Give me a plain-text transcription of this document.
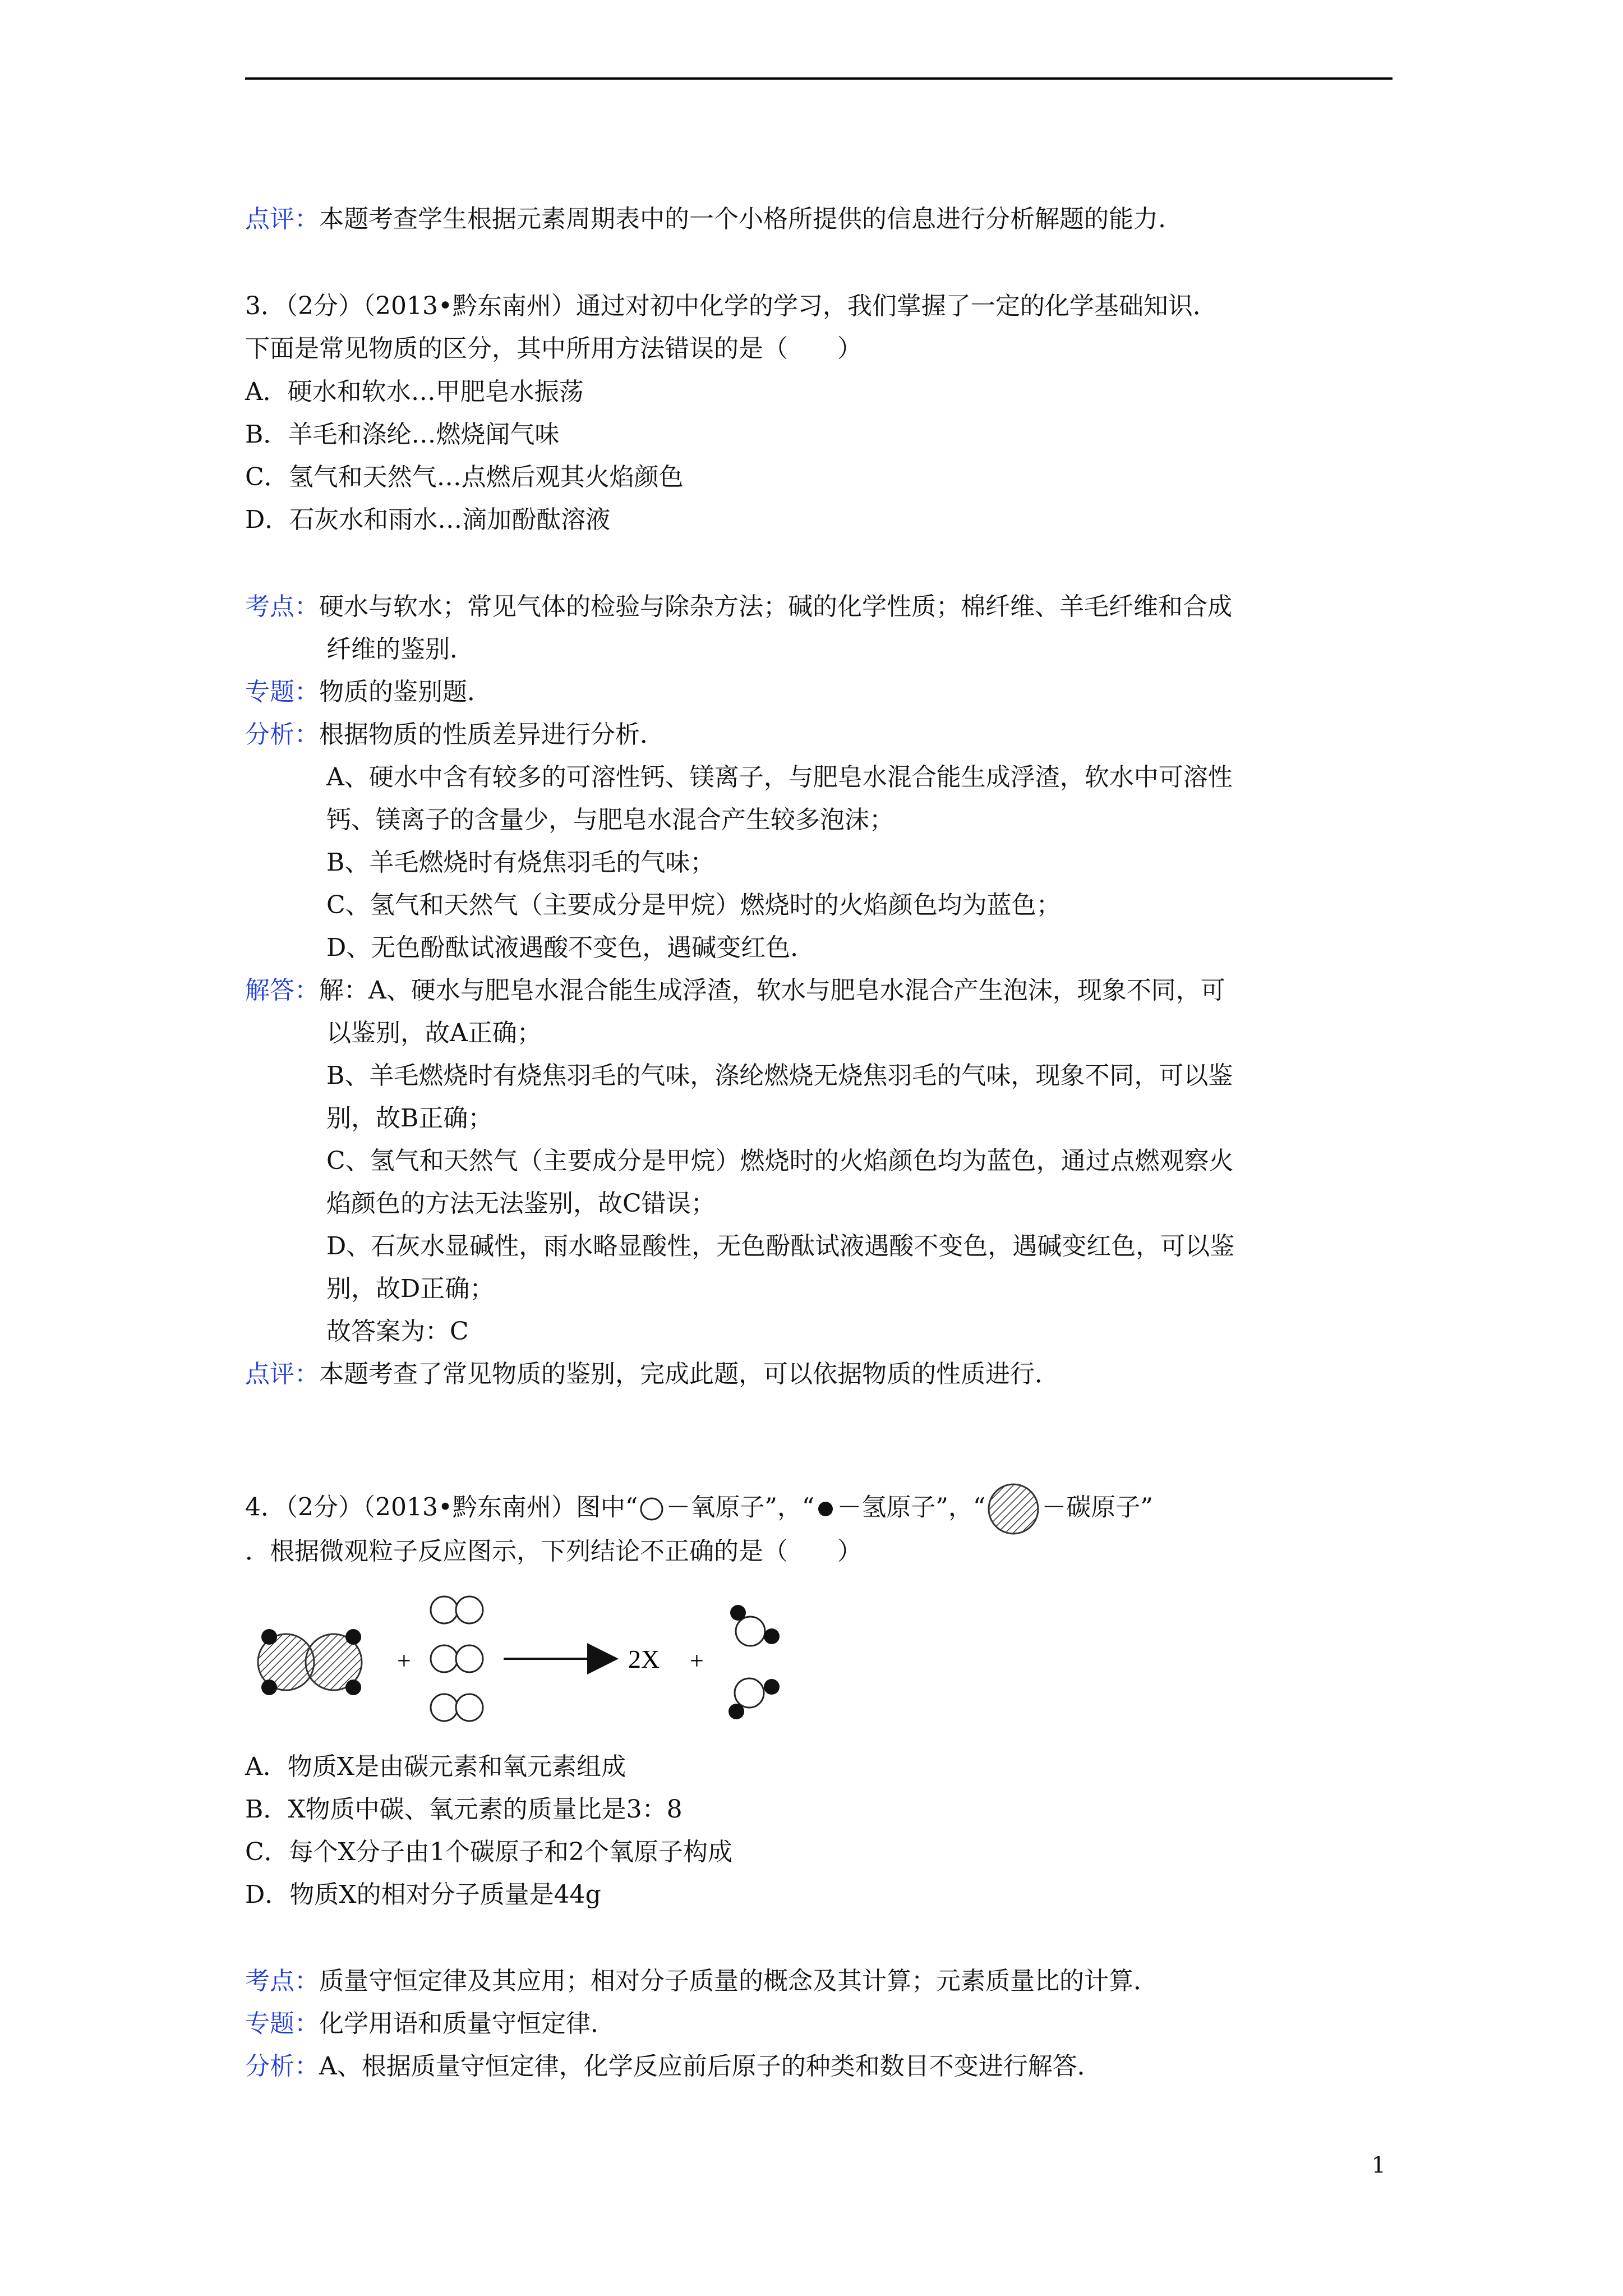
点评：本题考查学生根据元素周期表中的一个小格所提供的信息进行分析解题的能力.
3．（2分）（2013•黔东南州）通过对初中化学的学习，我们掌握了一定的化学基础知识．
下面是常见物质的区分，其中所用方法错误的是（　　）
A．硬水和软水…甲肥皂水振荡
B．羊毛和涤纶…燃烧闻气味
C．氢气和天然气…点燃后观其火焰颜色
D．石灰水和雨水…滴加酚酞溶液
考点：硬水与软水；常见气体的检验与除杂方法；碱的化学性质；棉纤维、羊毛纤维和合成
纤维的鉴别．
专题：物质的鉴别题．
分析：根据物质的性质差异进行分析．
A、硬水中含有较多的可溶性钙、镁离子，与肥皂水混合能生成浮渣，软水中可溶性
钙、镁离子的含量少，与肥皂水混合产生较多泡沫；
B、羊毛燃烧时有烧焦羽毛的气味；
C、氢气和天然气（主要成分是甲烷）燃烧时的火焰颜色均为蓝色；
D、无色酚酞试液遇酸不变色，遇碱变红色．
解答：解：A、硬水与肥皂水混合能生成浮渣，软水与肥皂水混合产生泡沫，现象不同，可
以鉴别，故A正确；
B、羊毛燃烧时有烧焦羽毛的气味，涤纶燃烧无烧焦羽毛的气味，现象不同，可以鉴
别，故B正确；
C、氢气和天然气（主要成分是甲烷）燃烧时的火焰颜色均为蓝色，通过点燃观察火
焰颜色的方法无法鉴别，故C错误；
D、石灰水显碱性，雨水略显酸性，无色酚酞试液遇酸不变色，遇碱变红色，可以鉴
别，故D正确；
故答案为：C
点评：本题考查了常见物质的鉴别，完成此题，可以依据物质的性质进行．
4．（2分）（2013•黔东南州）图中“ －氧原子”，“ －氢原子”，“ －碳原子”
．根据微观粒子反应图示，下列结论不正确的是（　　）
+	2X +
A．物质X是由碳元素和氧元素组成
B．X物质中碳、氧元素的质量比是3：8
C．每个X分子由1个碳原子和2个氧原子构成
D．物质X的相对分子质量是44g
考点：质量守恒定律及其应用；相对分子质量的概念及其计算；元素质量比的计算．
专题：化学用语和质量守恒定律．
分析：A、根据质量守恒定律，化学反应前后原子的种类和数目不变进行解答．
1
